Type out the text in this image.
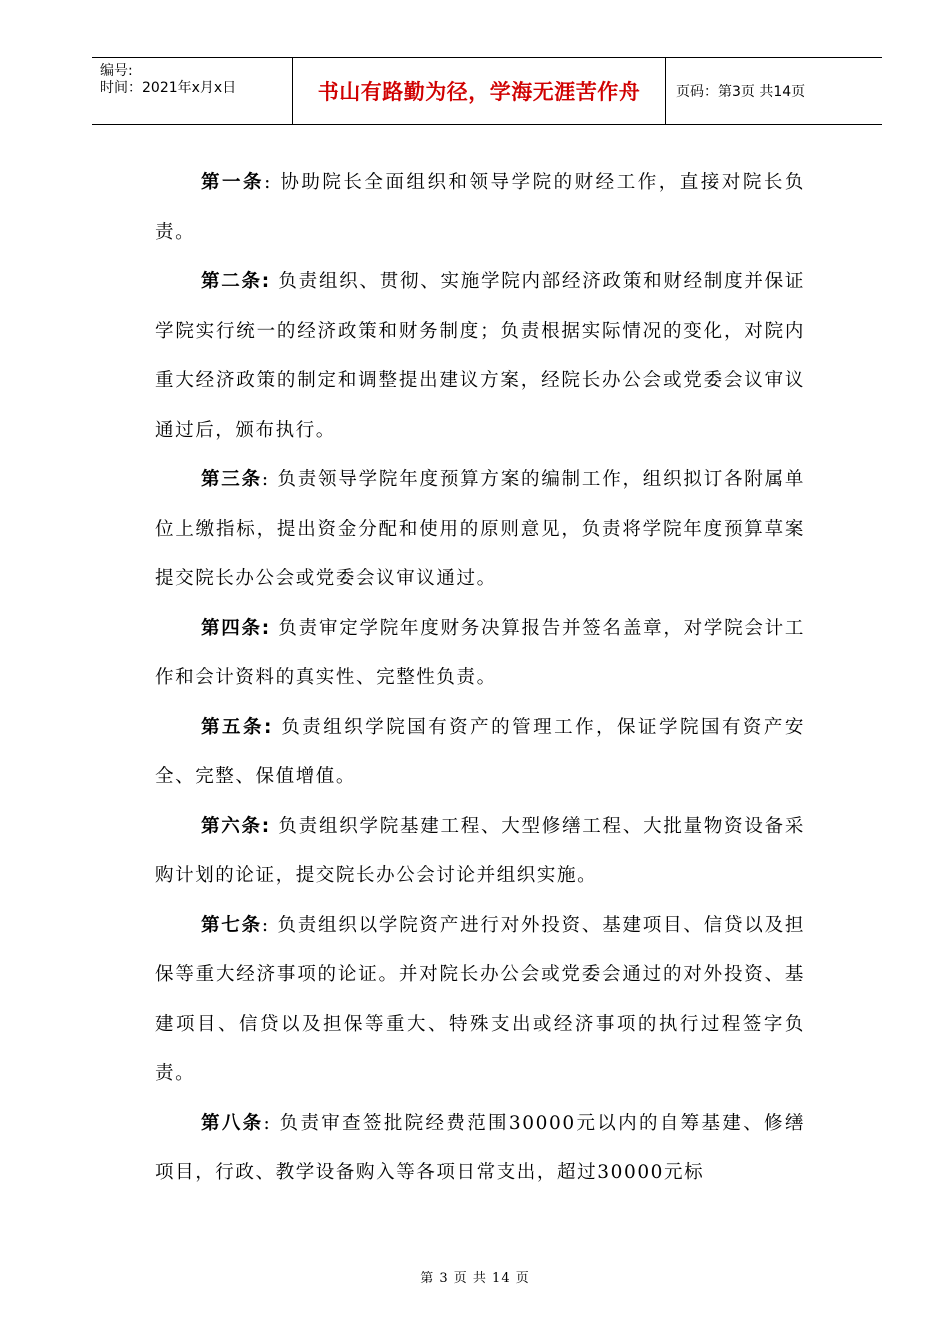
编号:
时间：2021年x月x日	书山有路勤为径，学海无涯苦作舟	页码：第3页 共14页

第一条: 协助院长全面组织和领导学院的财经工作，直接对院长负责。

第二条: 负责组织、贯彻、实施学院内部经济政策和财经制度并保证学院实行统一的经济政策和财务制度；负责根据实际情况的变化，对院内重大经济政策的制定和调整提出建议方案，经院长办公会或党委会议审议通过后，颁布执行。

第三条: 负责领导学院年度预算方案的编制工作，组织拟订各附属单位上缴指标，提出资金分配和使用的原则意见，负责将学院年度预算草案提交院长办公会或党委会议审议通过。

第四条: 负责审定学院年度财务决算报告并签名盖章，对学院会计工作和会计资料的真实性、完整性负责。

第五条: 负责组织学院国有资产的管理工作，保证学院国有资产安全、完整、保值增值。

第六条: 负责组织学院基建工程、大型修缮工程、大批量物资设备采购计划的论证，提交院长办公会讨论并组织实施。

第七条: 负责组织以学院资产进行对外投资、基建项目、信贷以及担保等重大经济事项的论证。并对院长办公会或党委会通过的对外投资、基建项目、信贷以及担保等重大、特殊支出或经济事项的执行过程签字负责。

第八条: 负责审查签批院经费范围30000元以内的自筹基建、修缮项目，行政、教学设备购入等各项日常支出，超过30000元标

第 3 页 共 14 页
